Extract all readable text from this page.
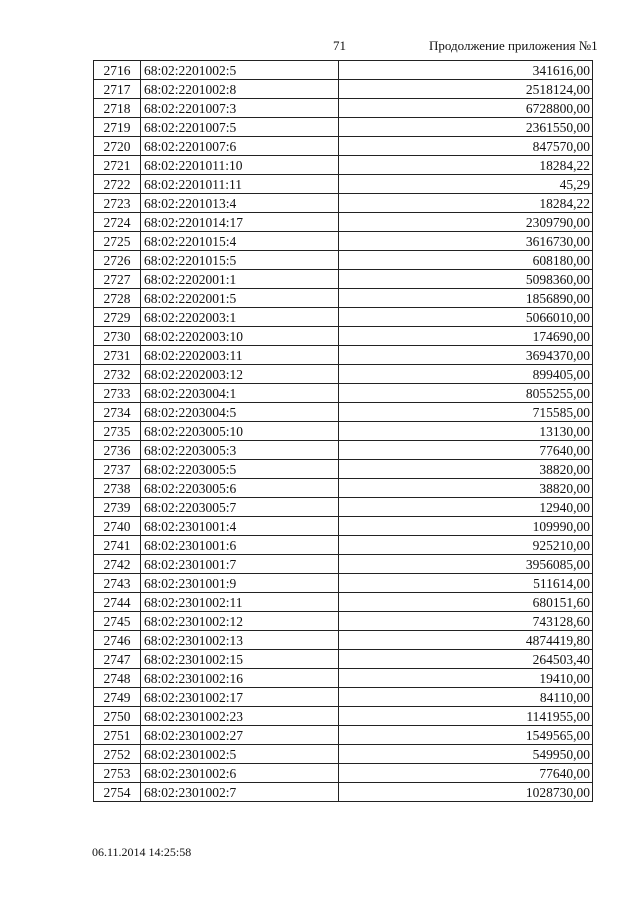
71	Продолжение приложения №1
2716	68:02:2201002:5	341616,00
2717	68:02:2201002:8	2518124,00
2718	68:02:2201007:3	6728800,00
2719	68:02:2201007:5	2361550,00
2720	68:02:2201007:6	847570,00
2721	68:02:2201011:10	18284,22
2722	68:02:2201011:11	45,29
2723	68:02:2201013:4	18284,22
2724	68:02:2201014:17	2309790,00
2725	68:02:2201015:4	3616730,00
2726	68:02:2201015:5	608180,00
2727	68:02:2202001:1	5098360,00
2728	68:02:2202001:5	1856890,00
2729	68:02:2202003:1	5066010,00
2730	68:02:2202003:10	174690,00
2731	68:02:2202003:11	3694370,00
2732	68:02:2202003:12	899405,00
2733	68:02:2203004:1	8055255,00
2734	68:02:2203004:5	715585,00
2735	68:02:2203005:10	13130,00
2736	68:02:2203005:3	77640,00
2737	68:02:2203005:5	38820,00
2738	68:02:2203005:6	38820,00
2739	68:02:2203005:7	12940,00
2740	68:02:2301001:4	109990,00
2741	68:02:2301001:6	925210,00
2742	68:02:2301001:7	3956085,00
2743	68:02:2301001:9	511614,00
2744	68:02:2301002:11	680151,60
2745	68:02:2301002:12	743128,60
2746	68:02:2301002:13	4874419,80
2747	68:02:2301002:15	264503,40
2748	68:02:2301002:16	19410,00
2749	68:02:2301002:17	84110,00
2750	68:02:2301002:23	1141955,00
2751	68:02:2301002:27	1549565,00
2752	68:02:2301002:5	549950,00
2753	68:02:2301002:6	77640,00
2754	68:02:2301002:7	1028730,00
06.11.2014 14:25:58
